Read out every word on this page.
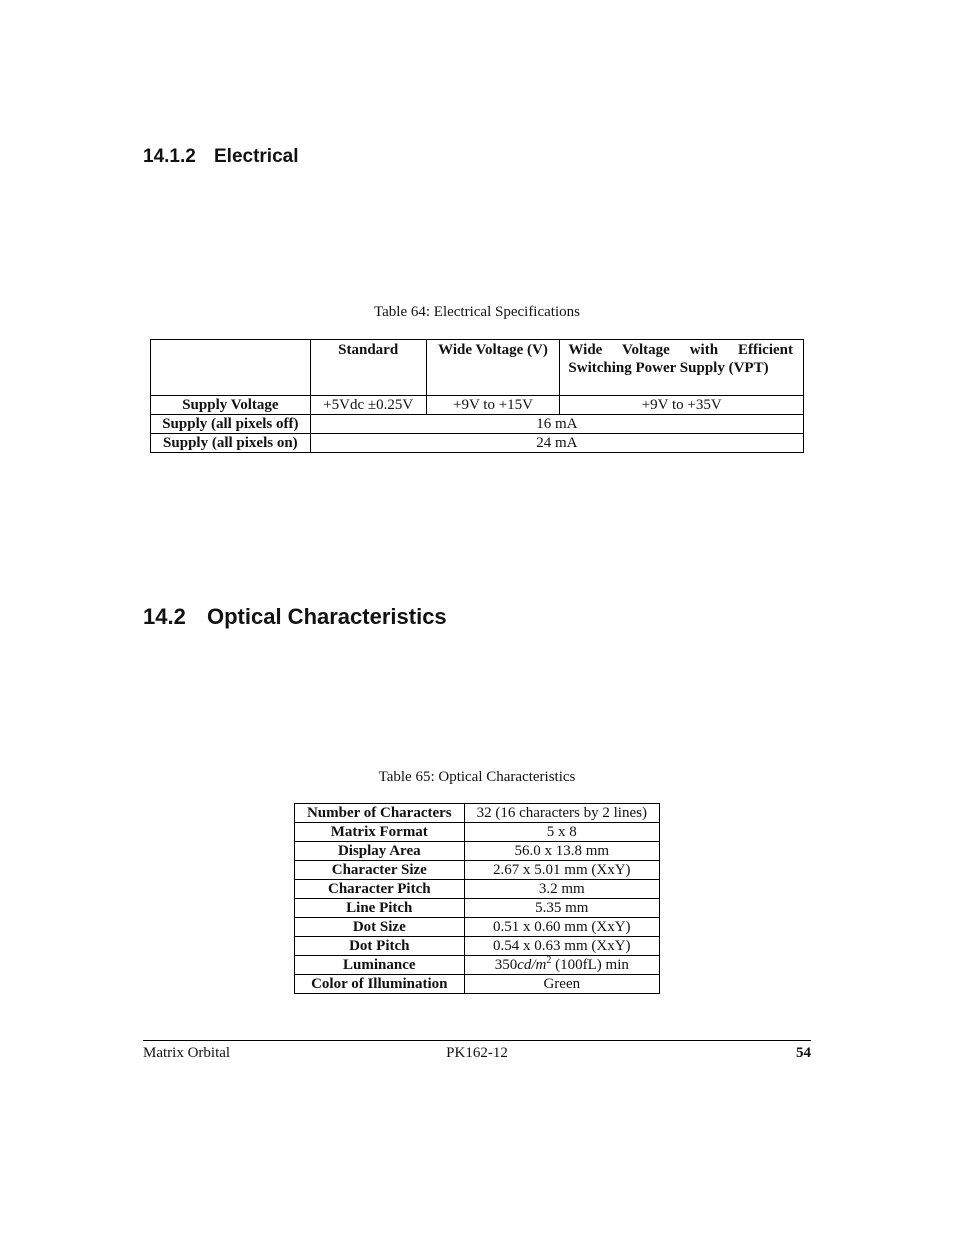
14.1.2 Electrical
Table 64: Electrical Specifications
	Standard	Wide Voltage (V)	Wide Voltage with Efficient Switching Power Supply (VPT)
Supply Voltage	+5Vdc ±0.25V	+9V to +15V	+9V to +35V
Supply (all pixels off)	16 mA		
Supply (all pixels on)	24 mA		
14.2 Optical Characteristics
Table 65: Optical Characteristics
Number of Characters	32 (16 characters by 2 lines)
Matrix Format	5 x 8
Display Area	56.0 x 13.8 mm
Character Size	2.67 x 5.01 mm (XxY)
Character Pitch	3.2 mm
Line Pitch	5.35 mm
Dot Size	0.51 x 0.60 mm (XxY)
Dot Pitch	0.54 x 0.63 mm (XxY)
Luminance	$350cd/m^2$ (100fL) min
Color of Illumination	Green
Matrix Orbital	PK162-12	54
